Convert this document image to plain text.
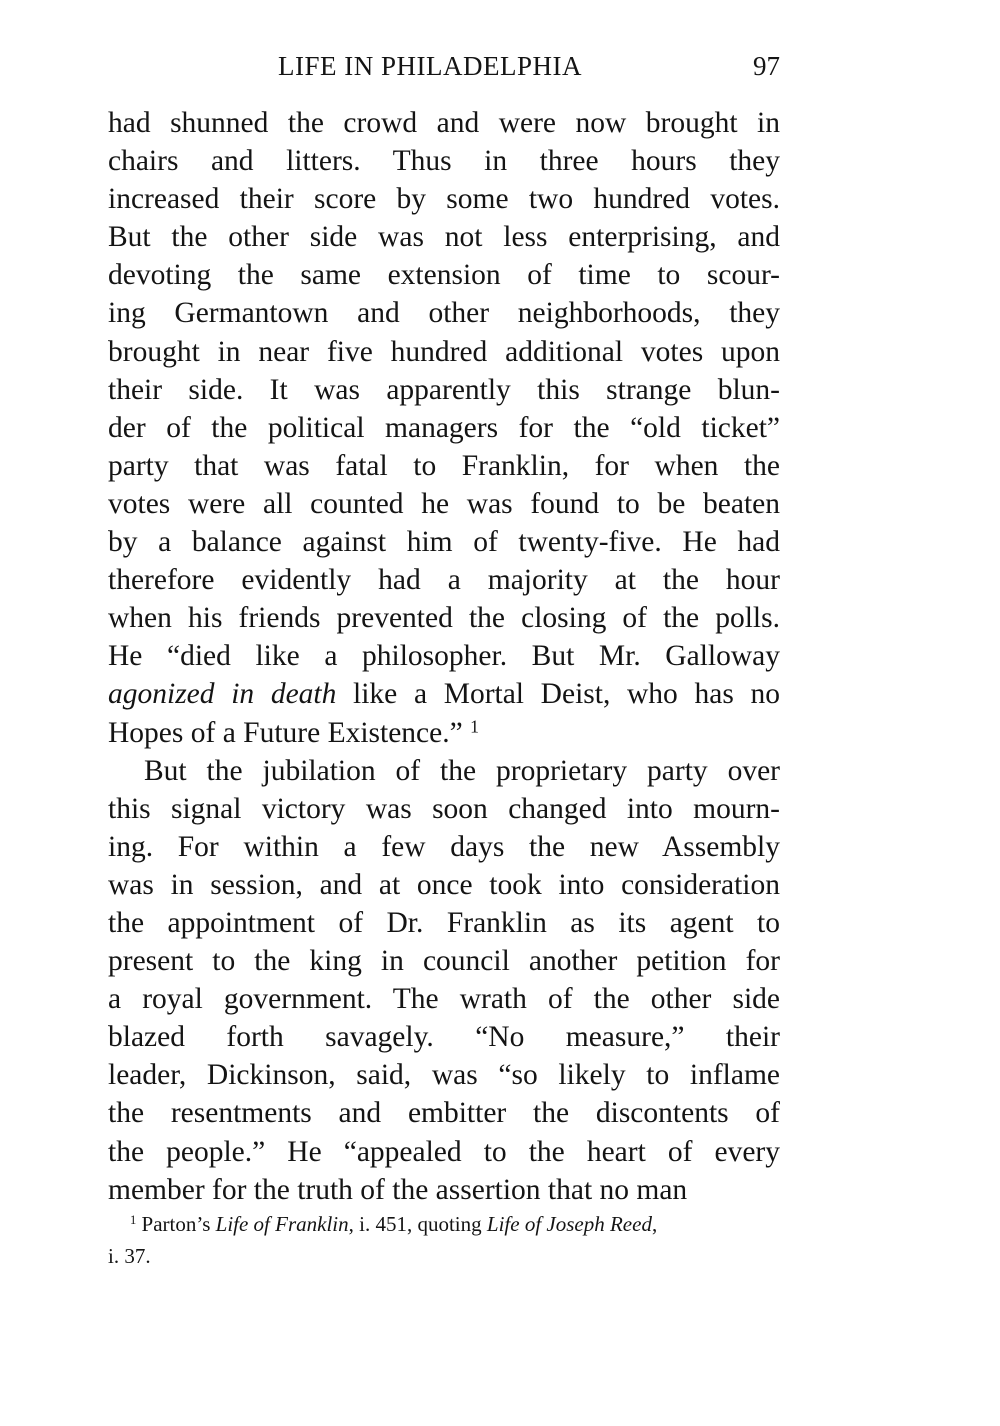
LIFE IN PHILADELPHIA	97
had shunned the crowd and were now brought in
chairs and litters. Thus in three hours they
increased their score by some two hundred votes.
But the other side was not less enterprising, and
devoting the same extension of time to scour-
ing Germantown and other neighborhoods, they
brought in near five hundred additional votes upon
their side. It was apparently this strange blun-
der of the political managers for the “old ticket”
party that was fatal to Franklin, for when the
votes were all counted he was found to be beaten
by a balance against him of twenty-five. He had
therefore evidently had a majority at the hour
when his friends prevented the closing of the polls.
He “died like a philosopher. But Mr. Galloway
agonized in death like a Mortal Deist, who has no
Hopes of a Future Existence.” $^1$
But the jubilation of the proprietary party over
this signal victory was soon changed into mourn-
ing. For within a few days the new Assembly
was in session, and at once took into consideration
the appointment of Dr. Franklin as its agent to
present to the king in council another petition for
a royal government. The wrath of the other side
blazed forth savagely. “No measure,” their
leader, Dickinson, said, was “so likely to inflame
the resentments and embitter the discontents of
the people.” He “appealed to the heart of every
member for the truth of the assertion that no man
$^1$ Parton’s Life of Franklin, i. 451, quoting Life of Joseph Reed,
i. 37.
